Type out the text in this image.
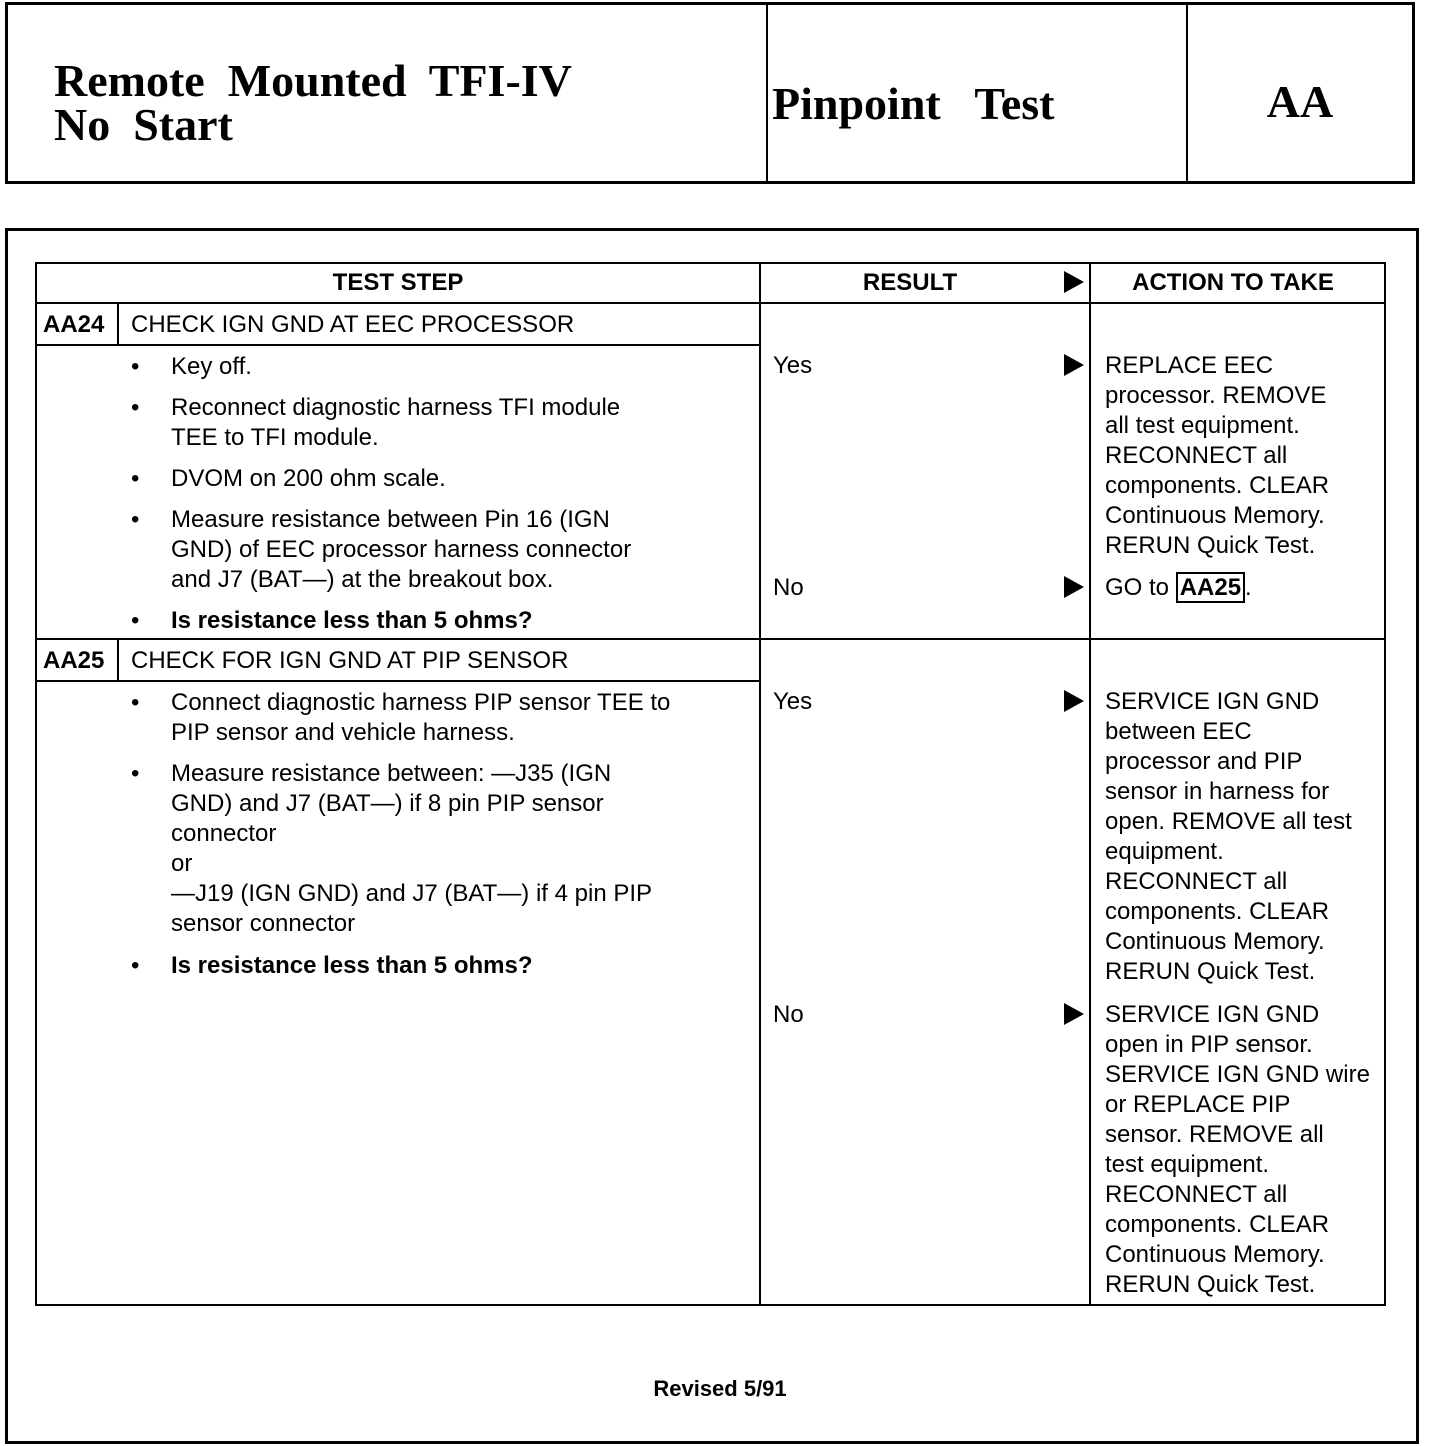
Remote  Mounted  TFI-IV
No  Start	Pinpoint   Test	AA
TEST STEP	RESULT	ACTION TO TAKE
AA24 CHECK IGN GND AT EEC PROCESSOR
• Key off.
• Reconnect diagnostic harness TFI module
TEE to TFI module.
• DVOM on 200 ohm scale.
• Measure resistance between Pin 16 (IGN
GND) of EEC processor harness connector
and J7 (BAT—) at the breakout box.
• Is resistance less than 5 ohms?
Yes	REPLACE EEC
processor. REMOVE
all test equipment.
RECONNECT all
components. CLEAR
Continuous Memory.
RERUN Quick Test.
No	GO to AA25 .
AA25 CHECK FOR IGN GND AT PIP SENSOR
• Connect diagnostic harness PIP sensor TEE to
PIP sensor and vehicle harness.
• Measure resistance between: —J35 (IGN
GND) and J7 (BAT—) if 8 pin PIP sensor
connector
or
—J19 (IGN GND) and J7 (BAT—) if 4 pin PIP
sensor connector
• Is resistance less than 5 ohms?
Yes	SERVICE IGN GND
between EEC
processor and PIP
sensor in harness for
open. REMOVE all test
equipment.
RECONNECT all
components. CLEAR
Continuous Memory.
RERUN Quick Test.
No	SERVICE IGN GND
open in PIP sensor.
SERVICE IGN GND wire
or REPLACE PIP
sensor. REMOVE all
test equipment.
RECONNECT all
components. CLEAR
Continuous Memory.
RERUN Quick Test.
Revised 5/91
